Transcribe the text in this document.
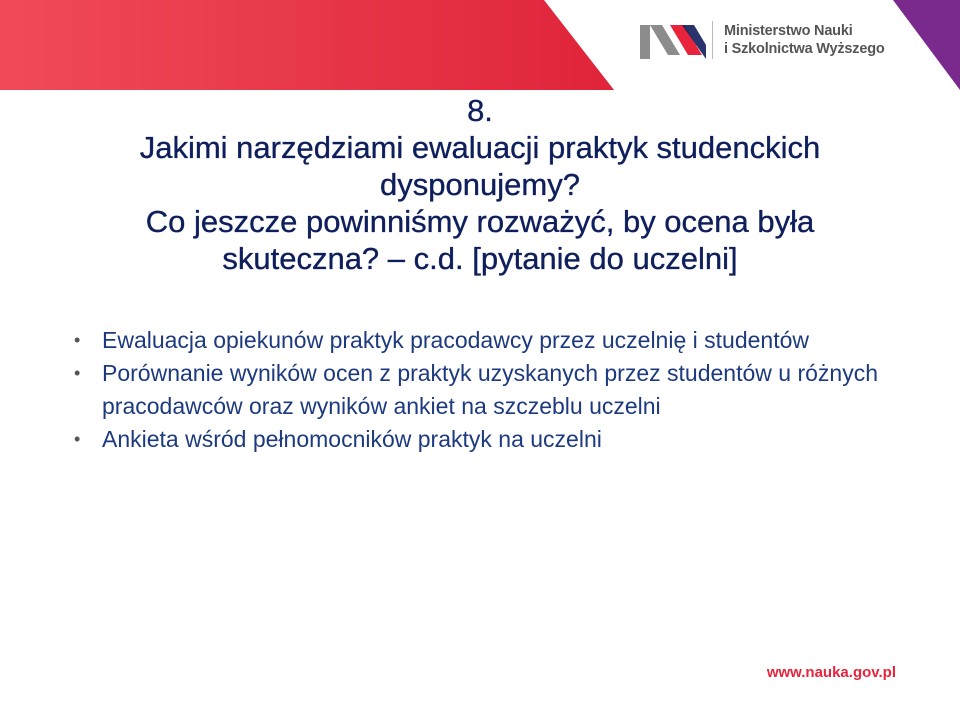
Ministerstwo Nauki
i Szkolnictwa Wyższego
8.
Jakimi narzędziami ewaluacji praktyk studenckich
dysponujemy?
Co jeszcze powinniśmy rozważyć, by ocena była
skuteczna? – c.d. [pytanie do uczelni]
• Ewaluacja opiekunów praktyk pracodawcy przez uczelnię i studentów
• Porównanie wyników ocen z praktyk uzyskanych przez studentów u różnych pracodawców oraz wyników ankiet na szczeblu uczelni
• Ankieta wśród pełnomocników praktyk na uczelni
www.nauka.gov.pl
